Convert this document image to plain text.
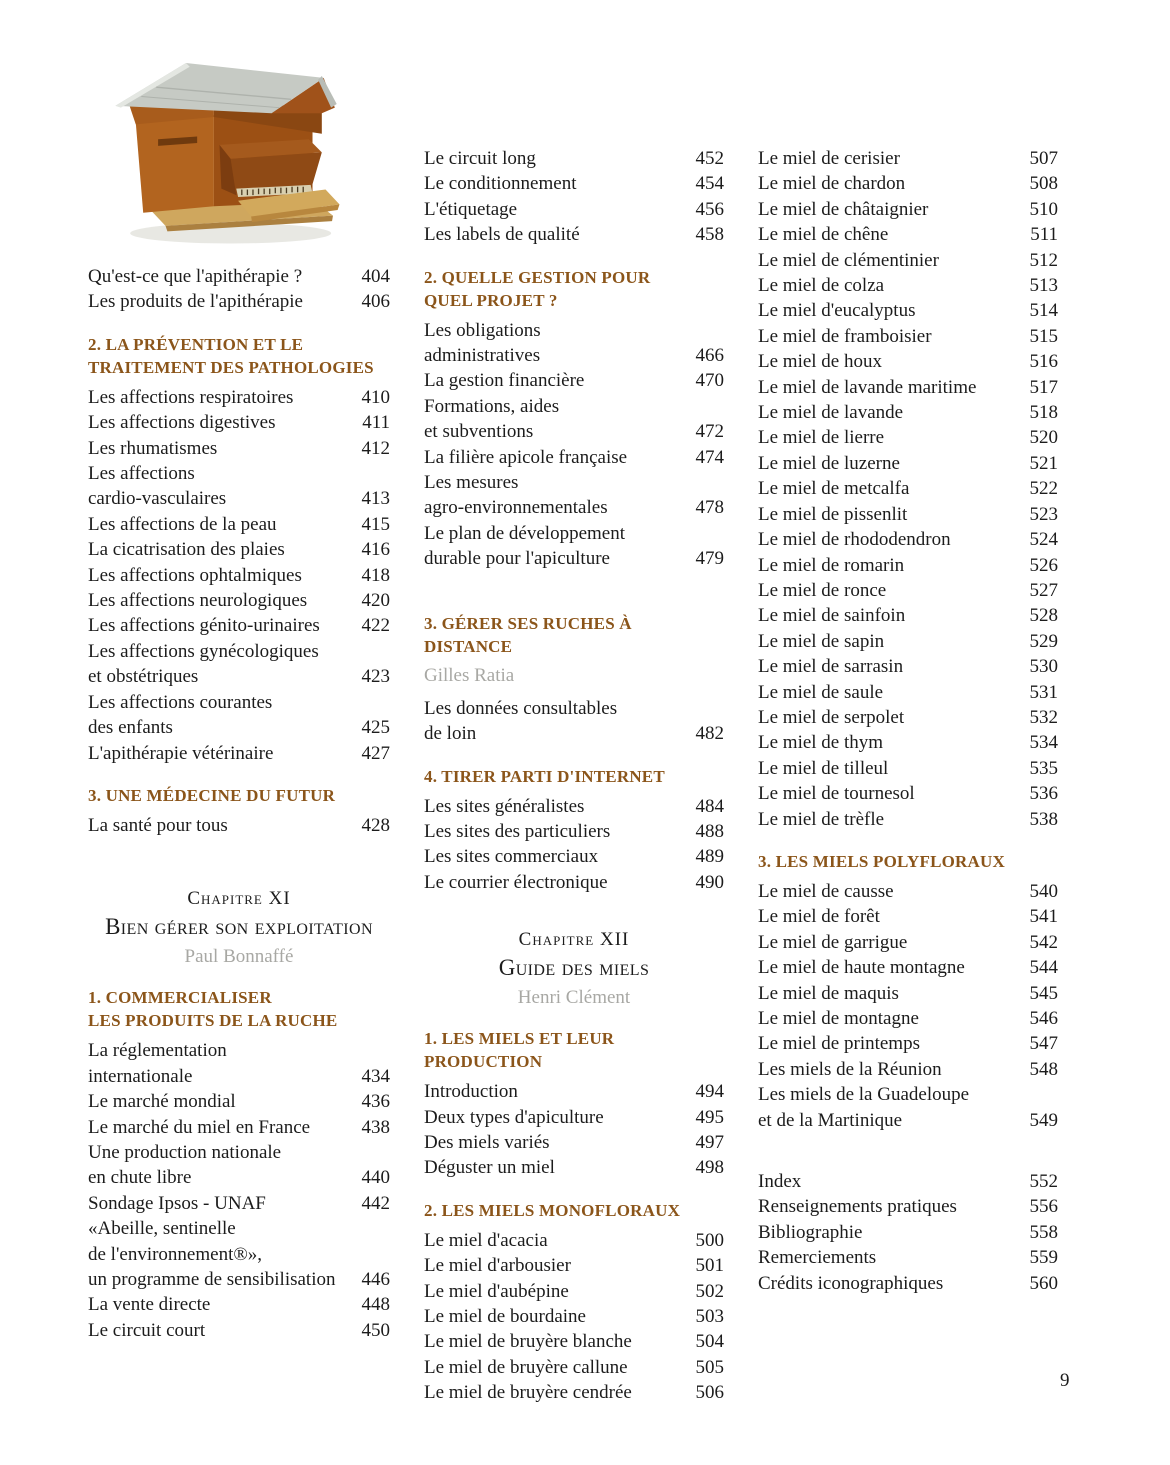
Qu'est-ce que l'apithérapie ?	404
Les produits de l'apithérapie	406
2. LA PRÉVENTION ET LE
TRAITEMENT DES PATHOLOGIES
Les affections respiratoires	410
Les affections digestives	411
Les rhumatismes	412
Les affections
cardio-vasculaires	413
Les affections de la peau	415
La cicatrisation des plaies	416
Les affections ophtalmiques	418
Les affections neurologiques	420
Les affections génito-urinaires 422
Les affections gynécologiques
et obstétriques	423
Les affections courantes
des enfants	425
L'apithérapie vétérinaire	427
3. UNE MÉDECINE DU FUTUR
La santé pour tous	428
Chapitre XI
Bien gérer son exploitation
Paul Bonnaffé
1. COMMERCIALISER
LES PRODUITS DE LA RUCHE
La réglementation
internationale	434
Le marché mondial	436
Le marché du miel en France	438
Une production nationale
en chute libre	440
Sondage Ipsos - UNAF	442
«Abeille, sentinelle
de l'environnement®»,
un programme de sensibilisation 446
La vente directe	448
Le circuit court	450
Le circuit long	452
Le conditionnement	454
L'étiquetage	456
Les labels de qualité	458
2. QUELLE GESTION POUR
QUEL PROJET ?
Les obligations
administratives	466
La gestion financière	470
Formations, aides
et subventions	472
La filière apicole française	474
Les mesures
agro-environnementales	478
Le plan de développement
durable pour l'apiculture	479
3. GÉRER SES RUCHES À DISTANCE
Gilles Ratia
Les données consultables
de loin	482
4. TIRER PARTI D'INTERNET
Les sites généralistes	484
Les sites des particuliers	488
Les sites commerciaux	489
Le courrier électronique	490
Chapitre XII
Guide des miels
Henri Clément
1. LES MIELS ET LEUR PRODUCTION
Introduction	494
Deux types d'apiculture	495
Des miels variés	497
Déguster un miel	498
2. LES MIELS MONOFLORAUX
Le miel d'acacia	500
Le miel d'arbousier	501
Le miel d'aubépine	502
Le miel de bourdaine	503
Le miel de bruyère blanche	504
Le miel de bruyère callune	505
Le miel de bruyère cendrée	506
Le miel de cerisier	507
Le miel de chardon	508
Le miel de châtaignier	510
Le miel de chêne	511
Le miel de clémentinier	512
Le miel de colza	513
Le miel d'eucalyptus	514
Le miel de framboisier	515
Le miel de houx	516
Le miel de lavande maritime	517
Le miel de lavande	518
Le miel de lierre	520
Le miel de luzerne	521
Le miel de metcalfa	522
Le miel de pissenlit	523
Le miel de rhododendron	524
Le miel de romarin	526
Le miel de ronce	527
Le miel de sainfoin	528
Le miel de sapin	529
Le miel de sarrasin	530
Le miel de saule	531
Le miel de serpolet	532
Le miel de thym	534
Le miel de tilleul	535
Le miel de tournesol	536
Le miel de trèfle	538
3. LES MIELS POLYFLORAUX
Le miel de causse	540
Le miel de forêt	541
Le miel de garrigue	542
Le miel de haute montagne	544
Le miel de maquis	545
Le miel de montagne	546
Le miel de printemps	547
Les miels de la Réunion	548
Les miels de la Guadeloupe
et de la Martinique	549
Index	552
Renseignements pratiques	556
Bibliographie	558
Remerciements	559
Crédits iconographiques	560
9
